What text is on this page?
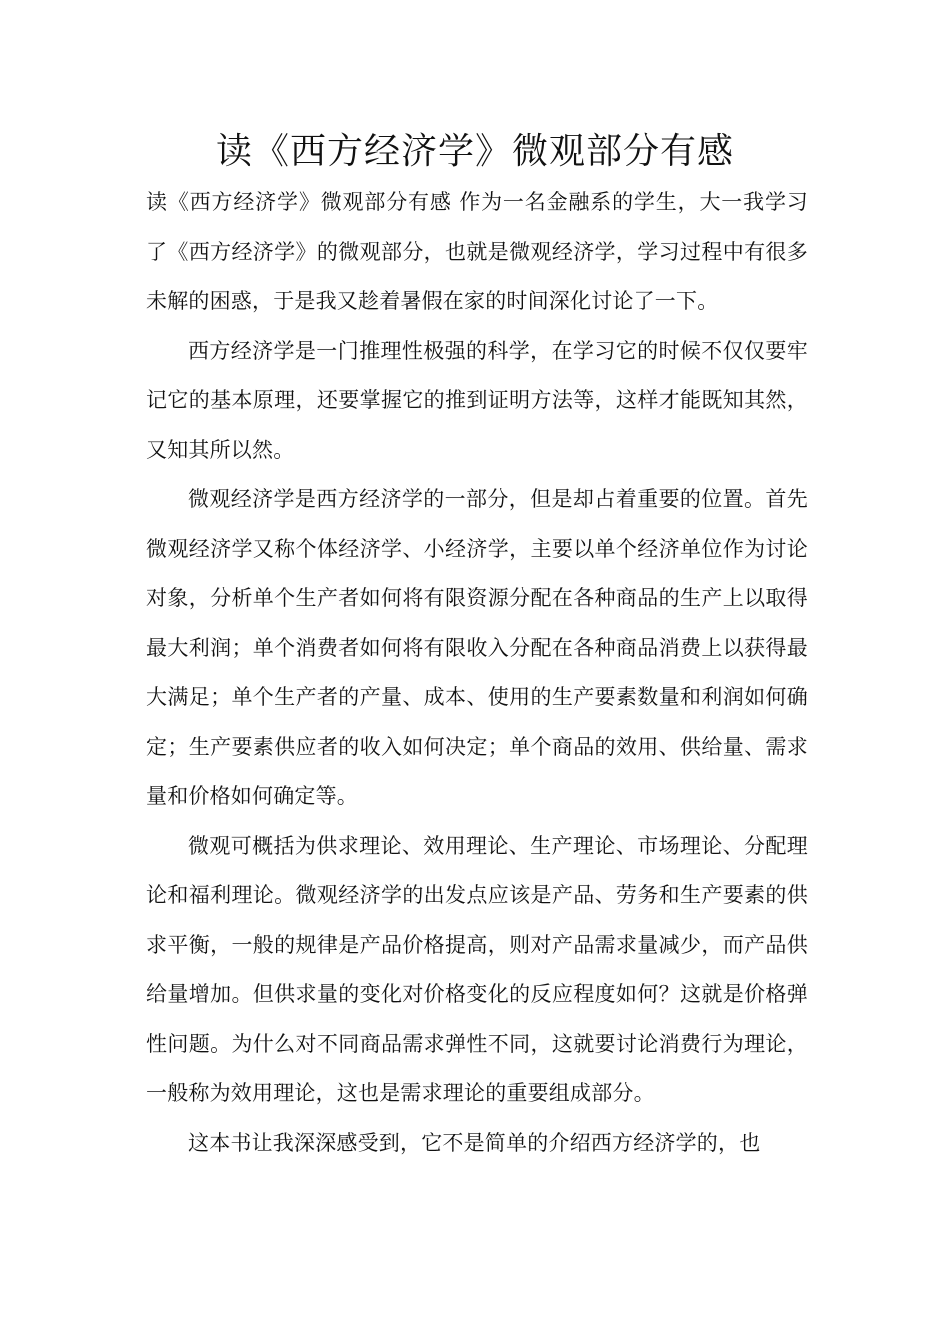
读《西方经济学》微观部分有感

读《西方经济学》微观部分有感 作为一名金融系的学生，大一我学习了《西方经济学》的微观部分，也就是微观经济学，学习过程中有很多未解的困惑，于是我又趁着暑假在家的时间深化讨论了一下。

西方经济学是一门推理性极强的科学，在学习它的时候不仅仅要牢记它的基本原理，还要掌握它的推到证明方法等，这样才能既知其然，又知其所以然。

微观经济学是西方经济学的一部分，但是却占着重要的位置。首先微观经济学又称个体经济学、小经济学，主要以单个经济单位作为讨论对象，分析单个生产者如何将有限资源分配在各种商品的生产上以取得最大利润；单个消费者如何将有限收入分配在各种商品消费上以获得最大满足；单个生产者的产量、成本、使用的生产要素数量和利润如何确定；生产要素供应者的收入如何决定；单个商品的效用、供给量、需求量和价格如何确定等。

微观可概括为供求理论、效用理论、生产理论、市场理论、分配理论和福利理论。微观经济学的出发点应该是产品、劳务和生产要素的供求平衡，一般的规律是产品价格提高，则对产品需求量减少，而产品供给量增加。但供求量的变化对价格变化的反应程度如何？这就是价格弹性问题。为什么对不同商品需求弹性不同，这就要讨论消费行为理论，一般称为效用理论，这也是需求理论的重要组成部分。

这本书让我深深感受到，它不是简单的介绍西方经济学的，也
